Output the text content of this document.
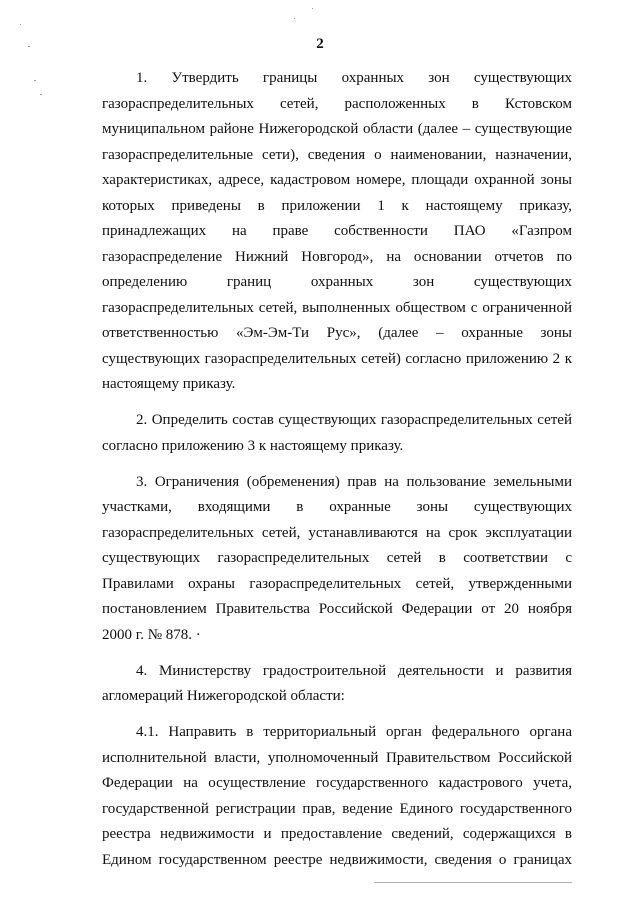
2

1. Утвердить границы охранных зон существующих газораспределительных сетей, расположенных в Кстовском муниципальном районе Нижегородской области (далее – существующие газораспределительные сети), сведения о наименовании, назначении, характеристиках, адресе, кадастровом номере, площади охранной зоны которых приведены в приложении 1 к настоящему приказу, принадлежащих на праве собственности ПАО «Газпром газораспределение Нижний Новгород», на основании отчетов по определению границ охранных зон существующих газораспределительных сетей, выполненных обществом с ограниченной ответственностью «Эм-Эм-Ти Рус», (далее – охранные зоны существующих газораспределительных сетей) согласно приложению 2 к настоящему приказу.

2. Определить состав существующих газораспределительных сетей согласно приложению 3 к настоящему приказу.

3. Ограничения (обременения) прав на пользование земельными участками, входящими в охранные зоны существующих газораспределительных сетей, устанавливаются на срок эксплуатации существующих газораспределительных сетей в соответствии с Правилами охраны газораспределительных сетей, утвержденными постановлением Правительства Российской Федерации от 20 ноября 2000 г. № 878. ·

4. Министерству градостроительной деятельности и развития агломераций Нижегородской области:

4.1. Направить в территориальный орган федерального органа исполнительной власти, уполномоченный Правительством Российской Федерации на осуществление государственного кадастрового учета, государственной регистрации прав, ведение Единого государственного реестра недвижимости и предоставление сведений, содержащихся в Едином государственном реестре недвижимости, сведения о границах
